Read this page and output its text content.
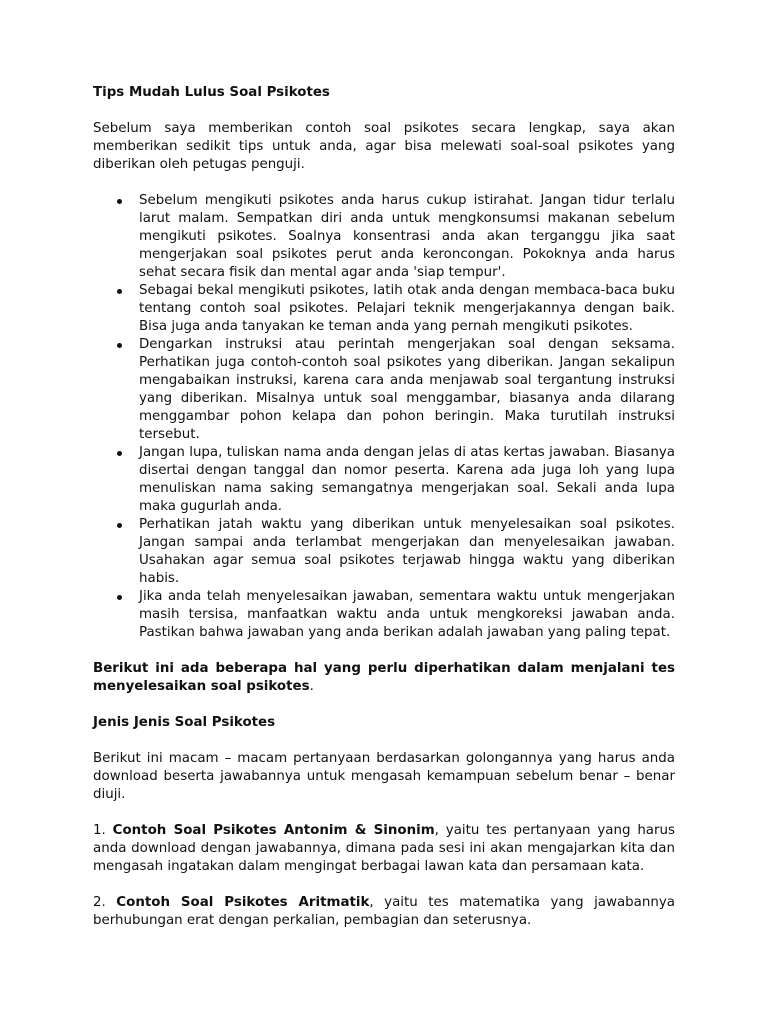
Tips Mudah Lulus Soal Psikotes
Sebelum saya memberikan contoh soal psikotes secara lengkap, saya akan memberikan sedikit tips untuk anda, agar bisa melewati soal-soal psikotes yang diberikan oleh petugas penguji.
Sebelum mengikuti psikotes anda harus cukup istirahat. Jangan tidur terlalu larut malam. Sempatkan diri anda untuk mengkonsumsi makanan sebelum mengikuti psikotes. Soalnya konsentrasi anda akan terganggu jika saat mengerjakan soal psikotes perut anda keroncongan. Pokoknya anda harus sehat secara fisik dan mental agar anda 'siap tempur'.
Sebagai bekal mengikuti psikotes, latih otak anda dengan membaca-baca buku tentang contoh soal psikotes. Pelajari teknik mengerjakannya dengan baik. Bisa juga anda tanyakan ke teman anda yang pernah mengikuti psikotes.
Dengarkan instruksi atau perintah mengerjakan soal dengan seksama. Perhatikan juga contoh-contoh soal psikotes yang diberikan. Jangan sekalipun mengabaikan instruksi, karena cara anda menjawab soal tergantung instruksi yang diberikan. Misalnya untuk soal menggambar, biasanya anda dilarang menggambar pohon kelapa dan pohon beringin. Maka turutilah instruksi tersebut.
Jangan lupa, tuliskan nama anda dengan jelas di atas kertas jawaban. Biasanya disertai dengan tanggal dan nomor peserta. Karena ada juga loh yang lupa menuliskan nama saking semangatnya mengerjakan soal. Sekali anda lupa maka gugurlah anda.
Perhatikan jatah waktu yang diberikan untuk menyelesaikan soal psikotes. Jangan sampai anda terlambat mengerjakan dan menyelesaikan jawaban. Usahakan agar semua soal psikotes terjawab hingga waktu yang diberikan habis.
Jika anda telah menyelesaikan jawaban, sementara waktu untuk mengerjakan masih tersisa, manfaatkan waktu anda untuk mengkoreksi jawaban anda. Pastikan bahwa jawaban yang anda berikan adalah jawaban yang paling tepat.
Berikut ini ada beberapa hal yang perlu diperhatikan dalam menjalani tes menyelesaikan soal psikotes.
Jenis Jenis Soal Psikotes
Berikut ini macam – macam pertanyaan berdasarkan golongannya yang harus anda download beserta jawabannya untuk mengasah kemampuan sebelum benar – benar diuji.
1. Contoh Soal Psikotes Antonim & Sinonim, yaitu tes pertanyaan yang harus anda download dengan jawabannya, dimana pada sesi ini akan mengajarkan kita dan mengasah ingatakan dalam mengingat berbagai lawan kata dan persamaan kata.
2. Contoh Soal Psikotes Aritmatik, yaitu tes matematika yang jawabannya berhubungan erat dengan perkalian, pembagian dan seterusnya.
